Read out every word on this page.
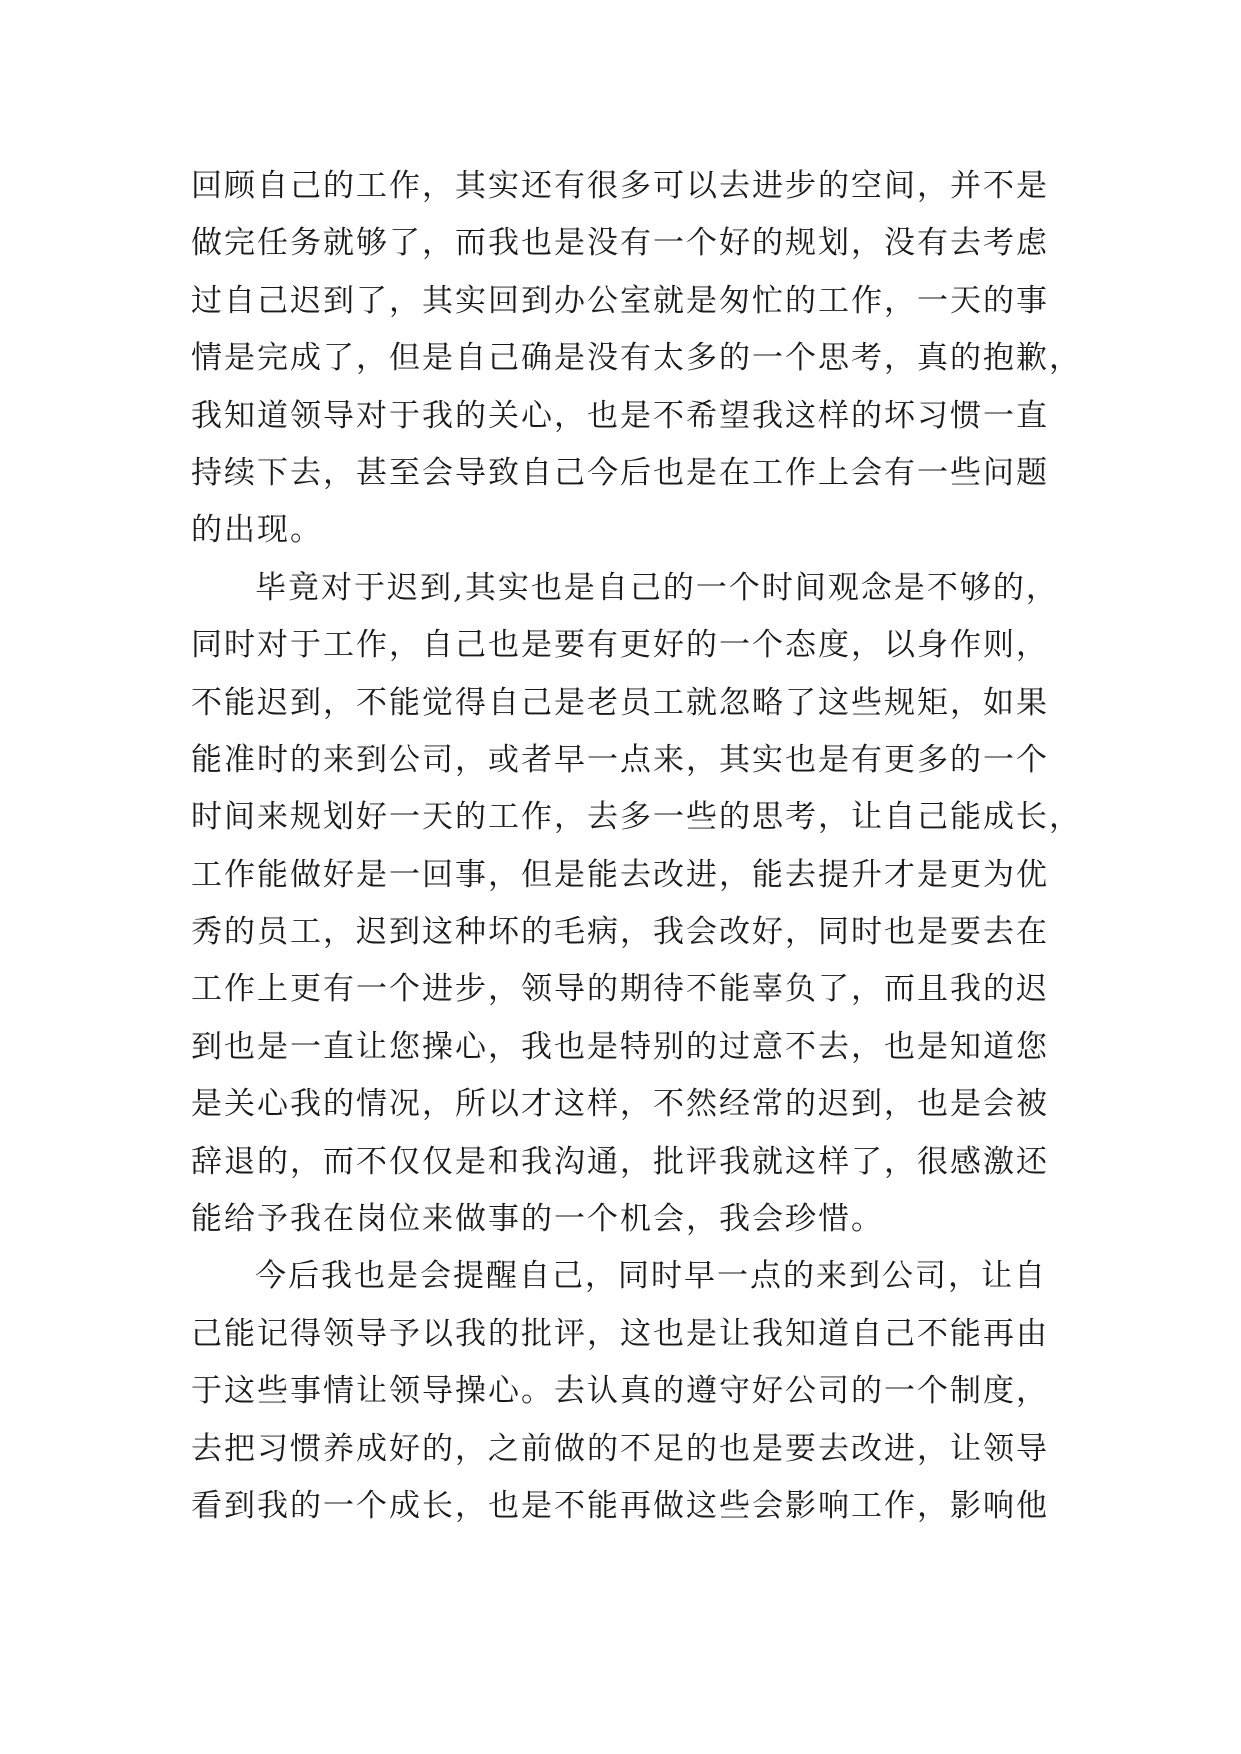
回顾自己的工作，其实还有很多可以去进步的空间，并不是
做完任务就够了，而我也是没有一个好的规划，没有去考虑
过自己迟到了，其实回到办公室就是匆忙的工作，一天的事
情是完成了，但是自己确是没有太多的一个思考，真的抱歉，
我知道领导对于我的关心，也是不希望我这样的坏习惯一直
持续下去，甚至会导致自己今后也是在工作上会有一些问题
的出现。
毕竟对于迟到,其实也是自己的一个时间观念是不够的，
同时对于工作，自己也是要有更好的一个态度，以身作则，
不能迟到，不能觉得自己是老员工就忽略了这些规矩，如果
能准时的来到公司，或者早一点来，其实也是有更多的一个
时间来规划好一天的工作，去多一些的思考，让自己能成长，
工作能做好是一回事，但是能去改进，能去提升才是更为优
秀的员工，迟到这种坏的毛病，我会改好，同时也是要去在
工作上更有一个进步，领导的期待不能辜负了，而且我的迟
到也是一直让您操心，我也是特别的过意不去，也是知道您
是关心我的情况，所以才这样，不然经常的迟到，也是会被
辞退的，而不仅仅是和我沟通，批评我就这样了，很感激还
能给予我在岗位来做事的一个机会，我会珍惜。
今后我也是会提醒自己，同时早一点的来到公司，让自
己能记得领导予以我的批评，这也是让我知道自己不能再由
于这些事情让领导操心。去认真的遵守好公司的一个制度，
去把习惯养成好的，之前做的不足的也是要去改进，让领导
看到我的一个成长，也是不能再做这些会影响工作，影响他
